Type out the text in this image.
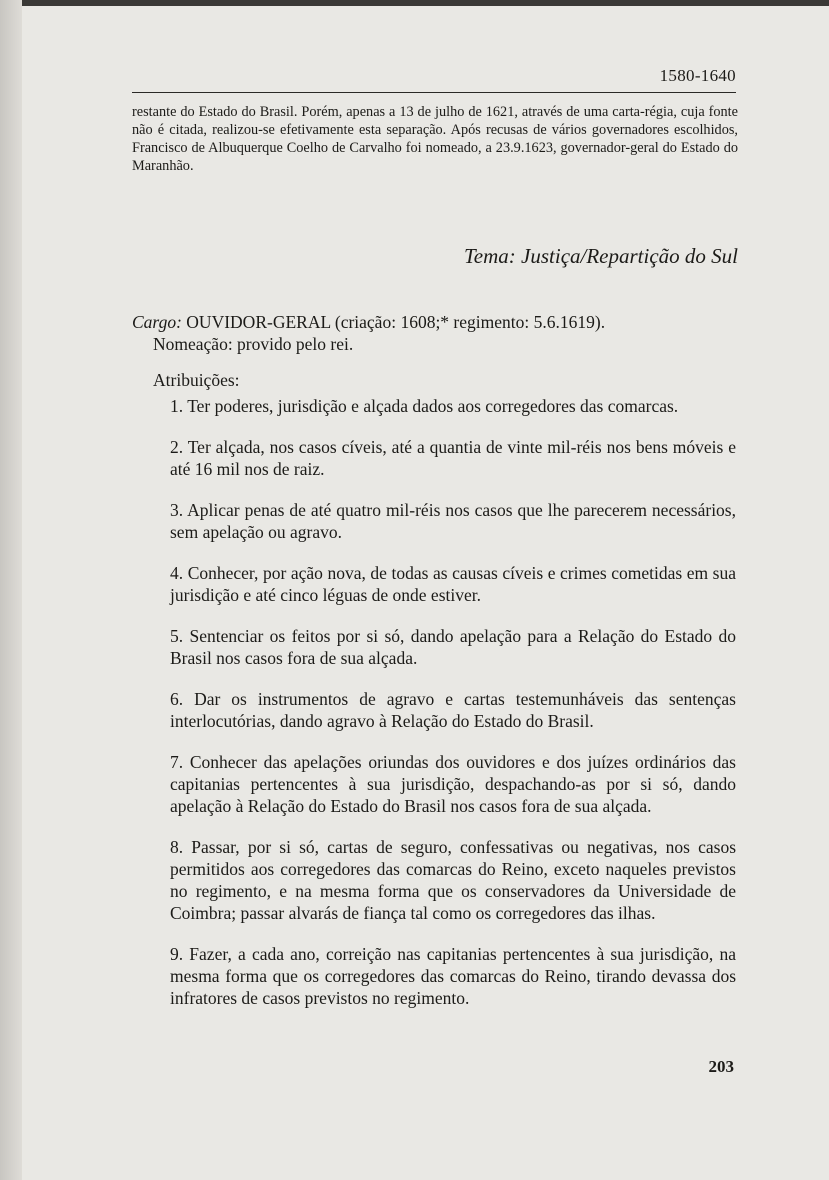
1580-1640

restante do Estado do Brasil. Porém, apenas a 13 de julho de 1621, através de uma carta-régia, cuja fonte não é citada, realizou-se efetivamente esta separação. Após recusas de vários governadores escolhidos, Francisco de Albuquerque Coelho de Carvalho foi nomeado, a 23.9.1623, governador-geral do Estado do Maranhão.

Tema: Justiça/Repartição do Sul
Cargo: OUVIDOR-GERAL (criação: 1608;* regimento: 5.6.1619).
Nomeação: provido pelo rei.
Atribuições:

1. Ter poderes, jurisdição e alçada dados aos corregedores das comarcas.

2. Ter alçada, nos casos cíveis, até a quantia de vinte mil-réis nos bens móveis e até 16 mil nos de raiz.

3. Aplicar penas de até quatro mil-réis nos casos que lhe parecerem necessários, sem apelação ou agravo.

4. Conhecer, por ação nova, de todas as causas cíveis e crimes cometidas em sua jurisdição e até cinco léguas de onde estiver.

5. Sentenciar os feitos por si só, dando apelação para a Relação do Estado do Brasil nos casos fora de sua alçada.

6. Dar os instrumentos de agravo e cartas testemunháveis das sentenças interlocutórias, dando agravo à Relação do Estado do Brasil.

7. Conhecer das apelações oriundas dos ouvidores e dos juízes ordinários das capitanias pertencentes à sua jurisdição, despachando-as por si só, dando apelação à Relação do Estado do Brasil nos casos fora de sua alçada.

8. Passar, por si só, cartas de seguro, confessativas ou negativas, nos casos permitidos aos corregedores das comarcas do Reino, exceto naqueles previstos no regimento, e na mesma forma que os conservadores da Universidade de Coimbra; passar alvarás de fiança tal como os corregedores das ilhas.

9. Fazer, a cada ano, correição nas capitanias pertencentes à sua jurisdição, na mesma forma que os corregedores das comarcas do Reino, tirando devassa dos infratores de casos previstos no regimento.

203
